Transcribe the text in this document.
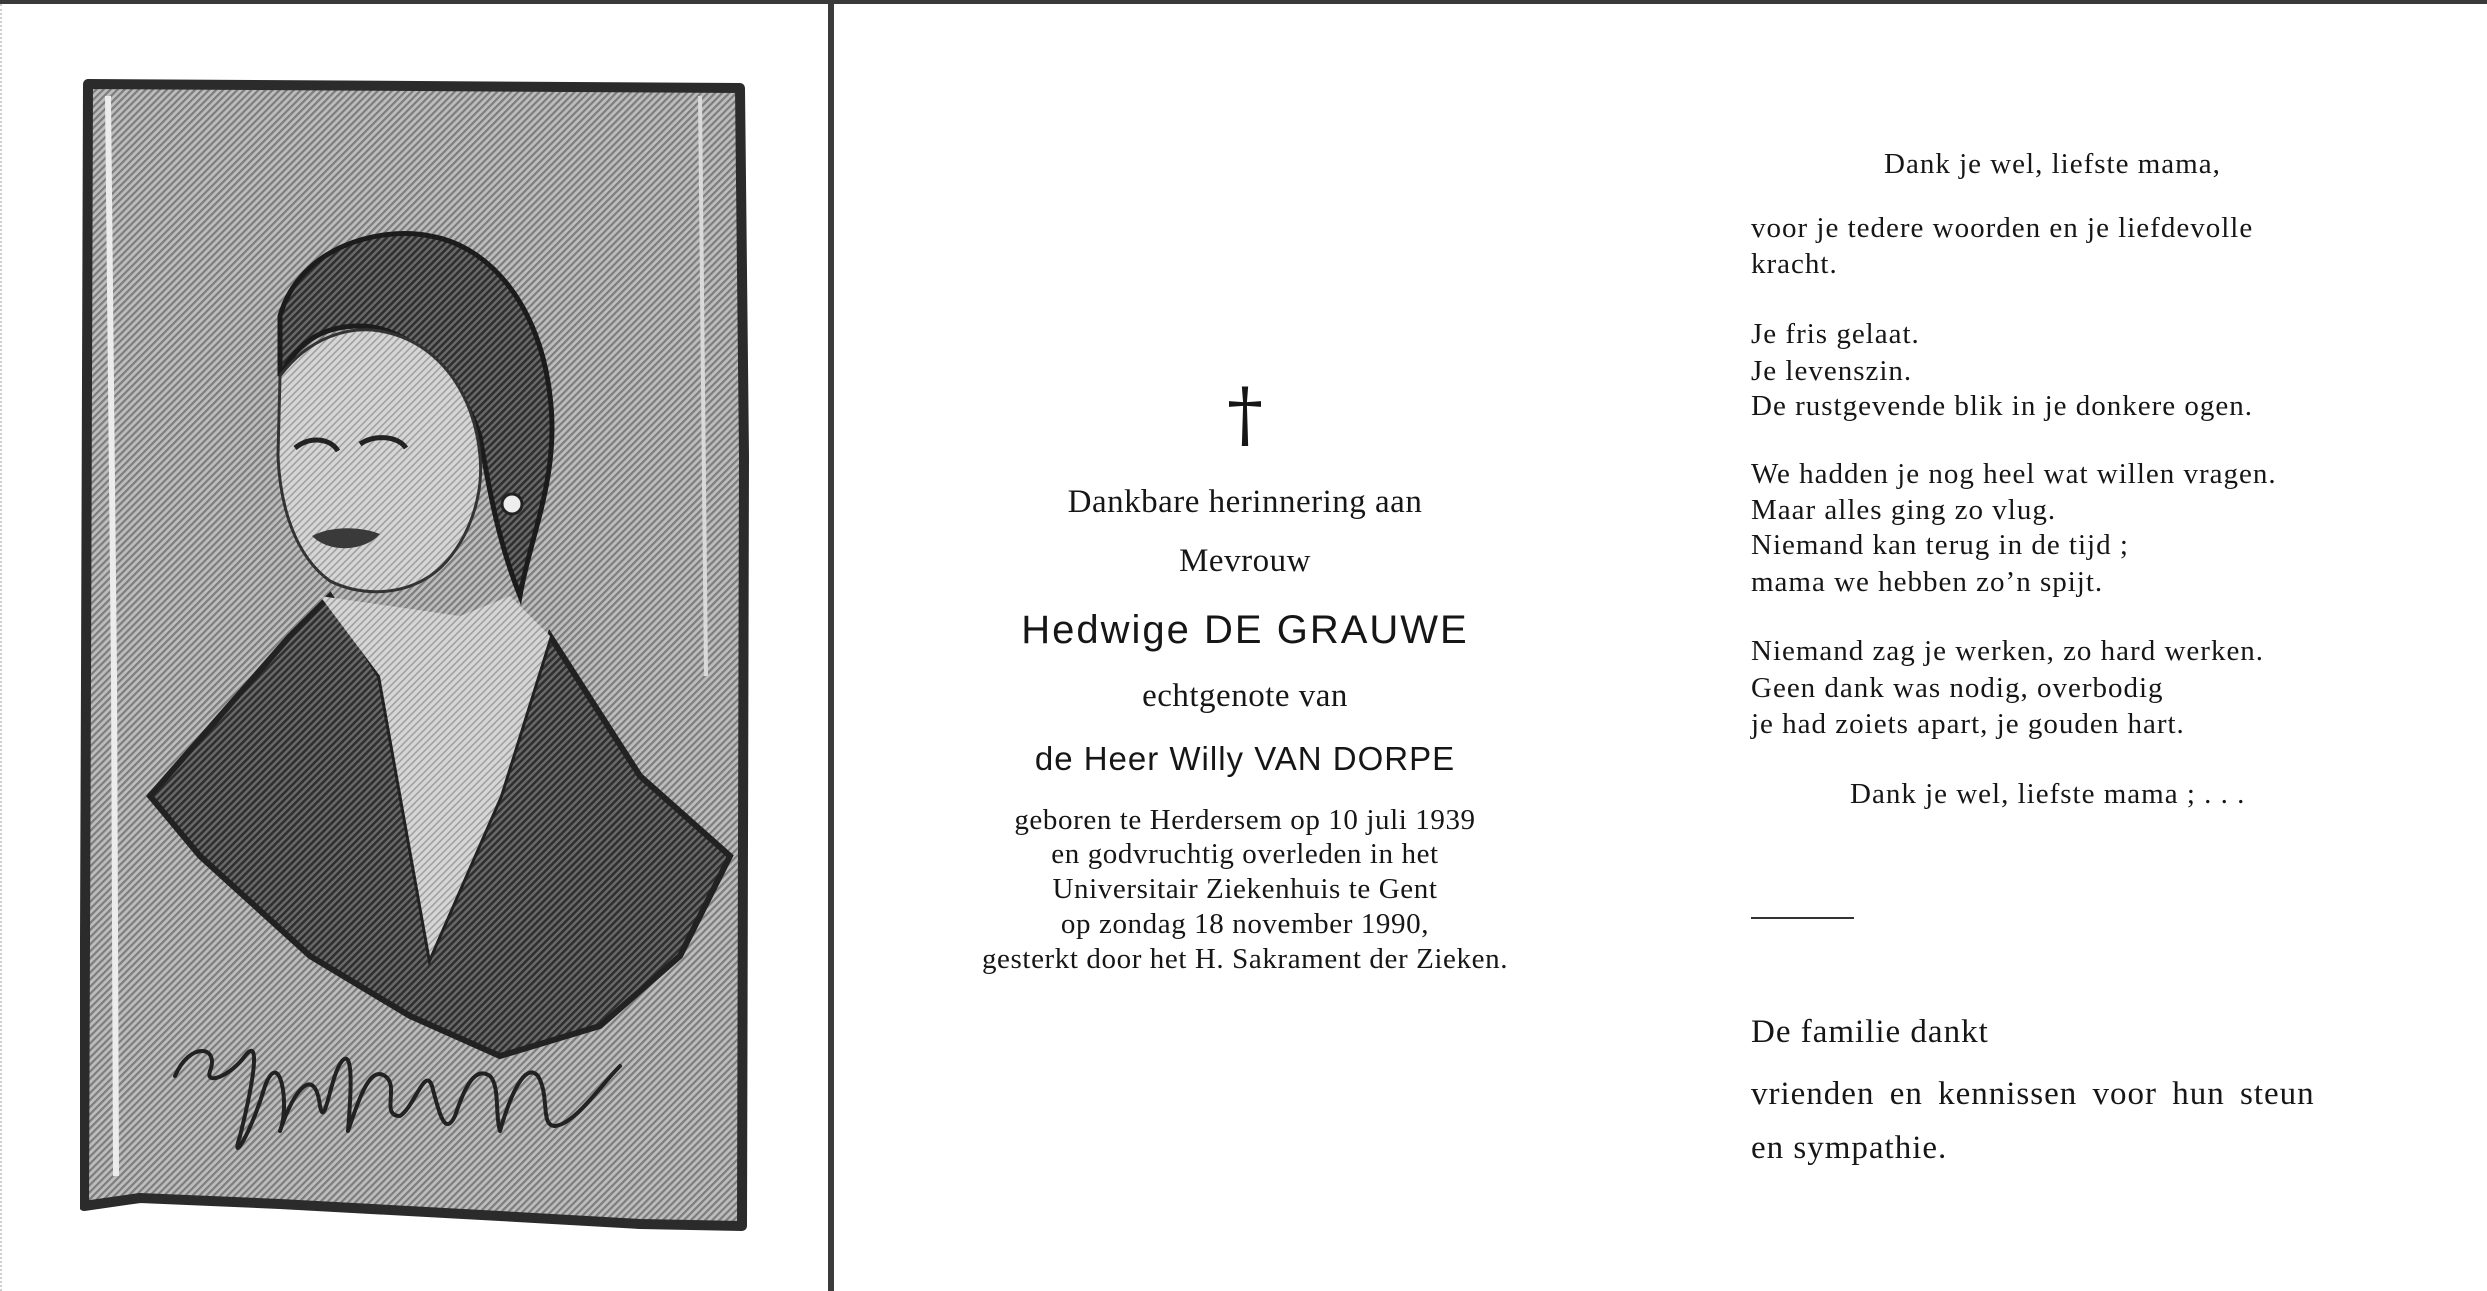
†
Dankbare herinnering aan
Mevrouw
Hedwige DE GRAUWE
echtgenote van
de Heer Willy VAN DORPE
geboren te Herdersem op 10 juli 1939
en godvruchtig overleden in het
Universitair Ziekenhuis te Gent
op zondag 18 november 1990,
gesterkt door het H. Sakrament der Zieken.
Dank je wel, liefste mama,
voor je tedere woorden en je liefdevolle
kracht.
Je fris gelaat.
Je levenszin.
De rustgevende blik in je donkere ogen.
We hadden je nog heel wat willen vragen.
Maar alles ging zo vlug.
Niemand kan terug in de tijd ;
mama we hebben zo’n spijt.
Niemand zag je werken, zo hard werken.
Geen dank was nodig, overbodig
je had zoiets apart, je gouden hart.
Dank je wel, liefste mama ; . . .
De familie dankt
vrienden en kennissen voor hun steun
en sympathie.
